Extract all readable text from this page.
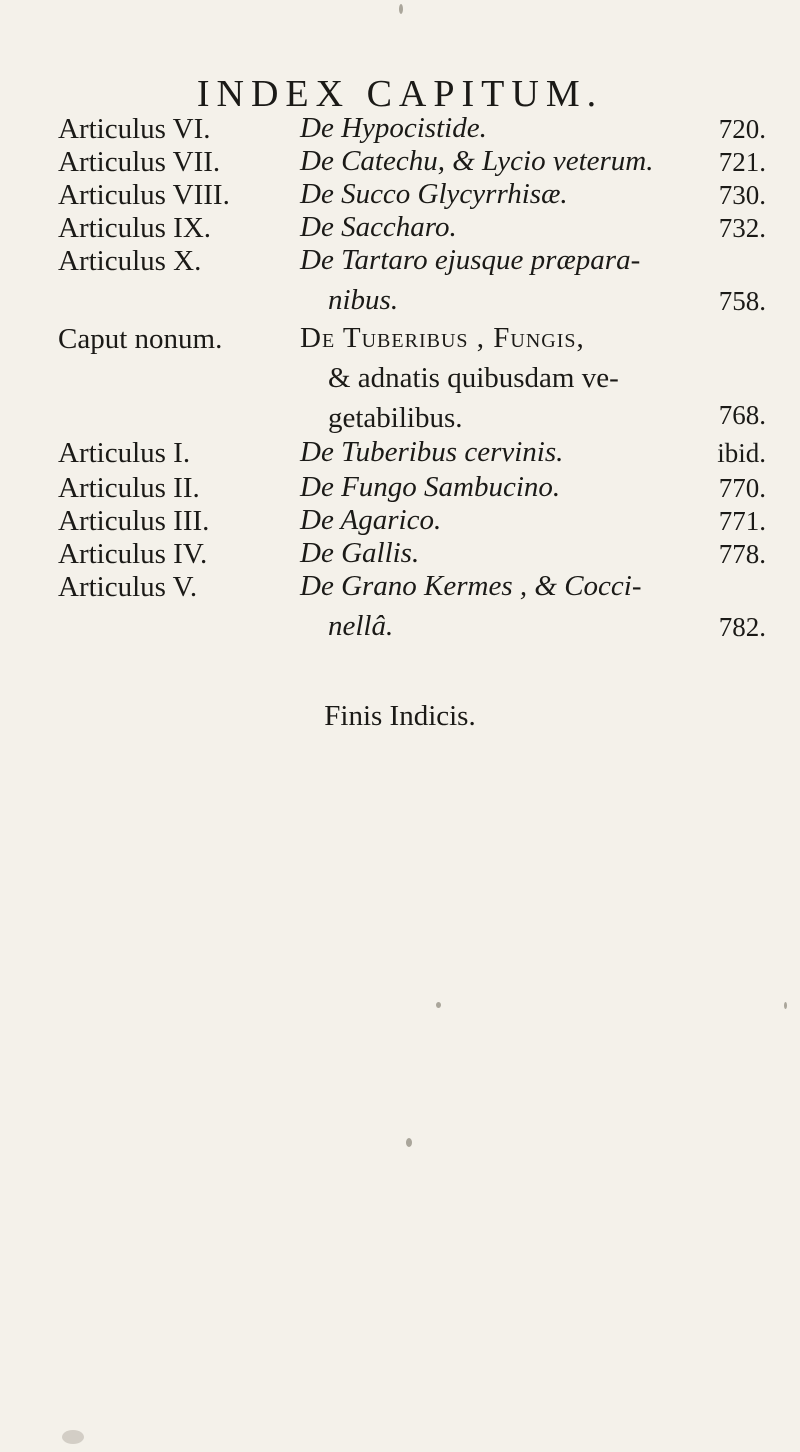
INDEX CAPITUM.
Articulus VI.	De Hypocistide.	720.
Articulus VII.	De Catechu, & Lycio veterum.	721.
Articulus VIII. De Succo Glycyrrhisæ.	730.
Articulus IX.	De Saccharo.	732.
Articulus X.	De Tartaro ejusque præpara-
nibus.	758.
Caput nonum.	De Tuberibus , Fungis,
& adnatis quibusdam ve-
getabilibus.	768.
Articulus I.	De Tuberibus cervinis.	ibid.
Articulus II.	De Fungo Sambucino.	770.
Articulus III.	De Agarico.	771.
Articulus IV.	De Gallis.	778.
Articulus V.	De Grano Kermes , & Cocci-
nellâ.	782.
Finis Indicis.
